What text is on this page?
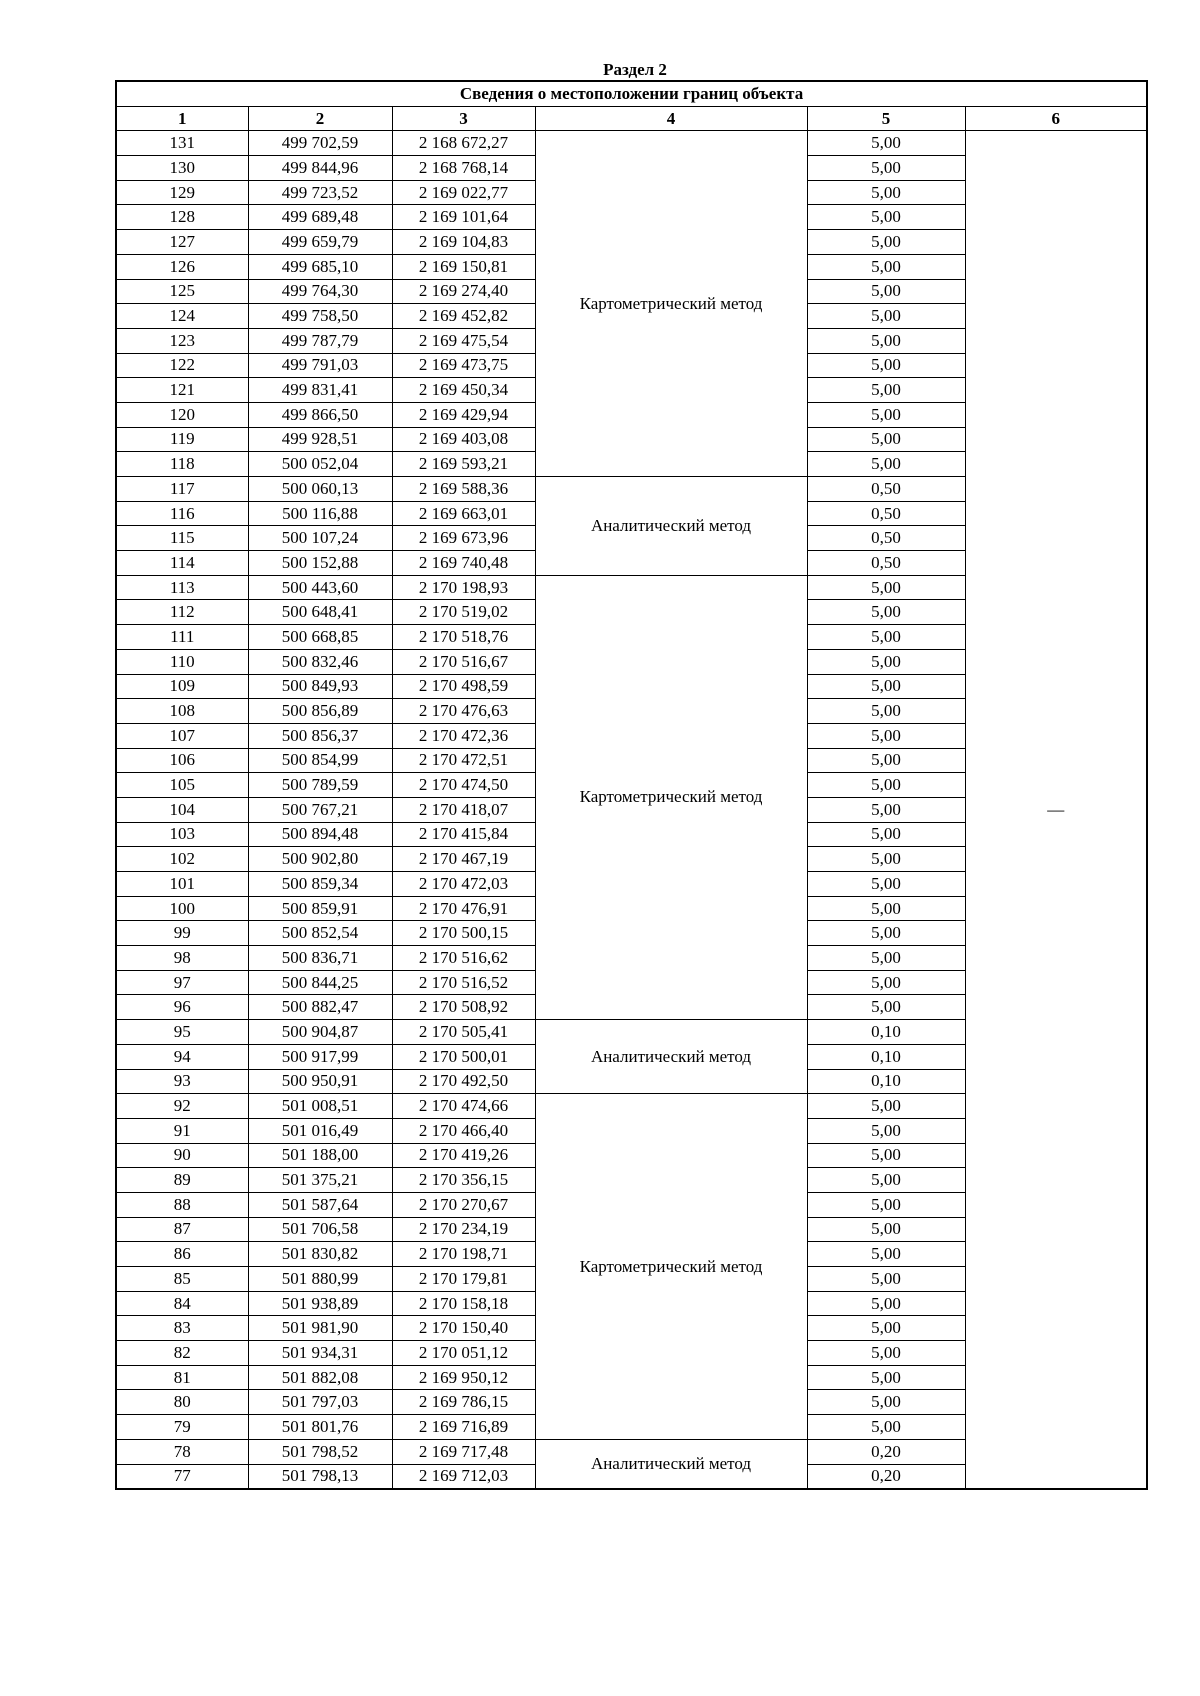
Раздел 2
Сведения о местоположении границ объекта					
1	2	3	4	5	6
131	499 702,59	2 168 672,27	Картометрический метод	5,00	—
130	499 844,96	2 168 768,14		5,00	
129	499 723,52	2 169 022,77		5,00	
128	499 689,48	2 169 101,64		5,00	
127	499 659,79	2 169 104,83		5,00	
126	499 685,10	2 169 150,81		5,00	
125	499 764,30	2 169 274,40		5,00	
124	499 758,50	2 169 452,82		5,00	
123	499 787,79	2 169 475,54		5,00	
122	499 791,03	2 169 473,75		5,00	
121	499 831,41	2 169 450,34		5,00	
120	499 866,50	2 169 429,94		5,00	
119	499 928,51	2 169 403,08		5,00	
118	500 052,04	2 169 593,21		5,00	
117	500 060,13	2 169 588,36	Аналитический метод	0,50	
116	500 116,88	2 169 663,01		0,50	
115	500 107,24	2 169 673,96		0,50	
114	500 152,88	2 169 740,48		0,50	
113	500 443,60	2 170 198,93	Картометрический метод	5,00	
112	500 648,41	2 170 519,02		5,00	
111	500 668,85	2 170 518,76		5,00	
110	500 832,46	2 170 516,67		5,00	
109	500 849,93	2 170 498,59		5,00	
108	500 856,89	2 170 476,63		5,00	
107	500 856,37	2 170 472,36		5,00	
106	500 854,99	2 170 472,51		5,00	
105	500 789,59	2 170 474,50		5,00	
104	500 767,21	2 170 418,07		5,00	
103	500 894,48	2 170 415,84		5,00	
102	500 902,80	2 170 467,19		5,00	
101	500 859,34	2 170 472,03		5,00	
100	500 859,91	2 170 476,91		5,00	
99	500 852,54	2 170 500,15		5,00	
98	500 836,71	2 170 516,62		5,00	
97	500 844,25	2 170 516,52		5,00	
96	500 882,47	2 170 508,92		5,00	
95	500 904,87	2 170 505,41	Аналитический метод	0,10	
94	500 917,99	2 170 500,01		0,10	
93	500 950,91	2 170 492,50		0,10	
92	501 008,51	2 170 474,66	Картометрический метод	5,00	
91	501 016,49	2 170 466,40		5,00	
90	501 188,00	2 170 419,26		5,00	
89	501 375,21	2 170 356,15		5,00	
88	501 587,64	2 170 270,67		5,00	
87	501 706,58	2 170 234,19		5,00	
86	501 830,82	2 170 198,71		5,00	
85	501 880,99	2 170 179,81		5,00	
84	501 938,89	2 170 158,18		5,00	
83	501 981,90	2 170 150,40		5,00	
82	501 934,31	2 170 051,12		5,00	
81	501 882,08	2 169 950,12		5,00	
80	501 797,03	2 169 786,15		5,00	
79	501 801,76	2 169 716,89		5,00	
78	501 798,52	2 169 717,48	Аналитический метод	0,20	
77	501 798,13	2 169 712,03		0,20	
